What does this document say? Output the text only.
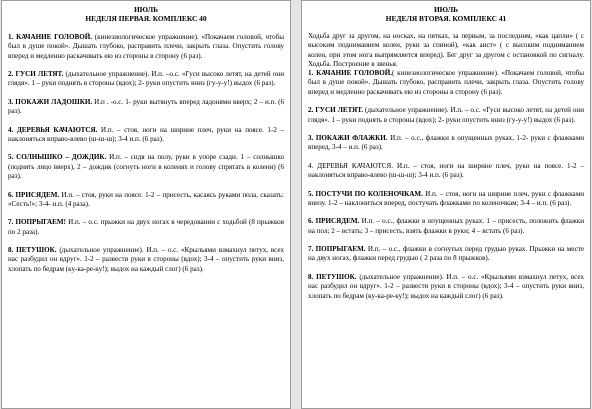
ИЮЛЬ
НЕДЕЛЯ ПЕРВАЯ. КОМПЛЕКС 40

1. КАЧАНИЕ ГОЛОВОЙ. (кинезиологическое упражнение). «Покачаем головой, чтобы был в душе покой». Дышать глубоко, расправить плечи, закрыть глаза. Опустить голову вперед и медленно раскачивать ею из стороны в сторону (6 раз).

2. ГУСИ ЛЕТЯТ. (дыхательное упражнение). И.п. –о.с. «Гуси высоко летят, на детей они глядя». 1 – руки поднять в стороны (вдох); 2- руки опустить вниз (гу-у-у!) выдох (6 раз).

3. ПОКАЖИ ЛАДОШКИ. И.п . -о.с. 1- руки вытянуть вперед ладонями вверх; 2 – и.п. (6 раз).

4. ДЕРЕВЬЯ КАЧАЮТСЯ. И.п. – стоя, ноги на ширине плеч, руки на поясе. 1-2 – наклоняться вправо-влево (ш-ш-ш); 3-4 и.п. (6 раз).

5. СОЛНЫШКО – ДОЖДИК. И.п. – сидя на полу, руки в упоре сзади. 1 – солнышко (поднять лицо вверх), 2 – дождик (согнуть ноги в коленях и голову спрятать в колени) (6 раз).

6. ПРИСЯДЕМ. И.п. – стоя, руки на поясе. 1-2 – присесть, касаясь руками пола, сказать: «Сесть!»; 3-4- и.п. (4 раза).

7. ПОПРЫГАЕМ! И.п. – о.с. прыжки на двух ногах в чередовании с ходьбой (8 прыжков по 2 раза).

8. ПЕТУШОК. (дыхательное упражнение). И.п. – о.с. «Крыльями взмахнул петух, всех нас разбудил он вдруг». 1-2 – развести руки в стороны (вдох); 3-4 – опустить руки вниз, хлопать по бедрам (ку-ка-ре-ку!); выдох на каждый слог) (6 раз).

ИЮЛЬ
НЕДЕЛЯ ВТОРАЯ. КОМПЛЕКС 41

Ходьба друг за другом, на носках, на пятках, за первым, за последним, «как цапли» ( с высоким подниманием колен, руки за спиной), «как аист» ( с высоким подниманием колен, при этом нога выпрямляется вперед). Бег друг за другом с остановкой по сигналу. Ходьба. Построение в звенья.

1. КАЧАНИЕ ГОЛОВОЙ.( кинезиологическое упражнение). «Покачаем головой, чтобы был в душе покой». Дышать глубоко, расправить плечи, закрыть глаза. Опустить голову вперед и медленно раскачивать ею из стороны в сторону (6 раз).

2. ГУСИ ЛЕТЯТ. (дыхательное упражнение). И.п. – о.с. «Гуси высоко летят, на детей они глядя». 1 – руки поднять в стороны (вдох); 2- руки опустить вниз (гу-у-у!) выдох (6 раз).

3. ПОКАЖИ ФЛАЖКИ. И.п. – о.с., флажки в опущенных руках, 1-2- руки с флажками вперед, 3-4 – и.п. (6 раз).

4. ДЕРЕВЬЯ КАЧАЮТСЯ. И.п. – стоя, ноги на ширине плеч, руки на поясе. 1-2 – наклоняться вправо-влево (ш-ш-ш); 3-4 и.п. (6 раз).

5. ПОСТУЧИ ПО КОЛЕНОЧКАМ. И.п. – стоя, ноги на ширине плеч, руки с флажками внизу. 1-2 – наклониться вперед, постучать флажками по коленочкам; 3-4 – и.п. (6 раз).

6. ПРИСЯДЕМ. И.п. – о.с., флажки в опущенных руках. 1 – присесть, положить флажки на пол; 2 – встать; 3 – присесть, взять флажки в руки; 4 – встать (6 раз).

7. ПОПРЫГАЕМ. И.п. – о.с., флажки в согнутых перед грудью руках. Прыжки на месте на двух ногах, флажки перед грудью ( 2 раза по 8 прыжков).

8. ПЕТУШОК. (дыхательное упражнение). И.п. – о.с. «Крыльями взмахнул петух, всех нас разбудил он вдруг». 1-2 – развести руки в стороны (вдох); 3-4 – опустить руки вниз, хлопать по бедрам (ку-ка-ре-ку!); выдох на каждый слог) (6 раз).
